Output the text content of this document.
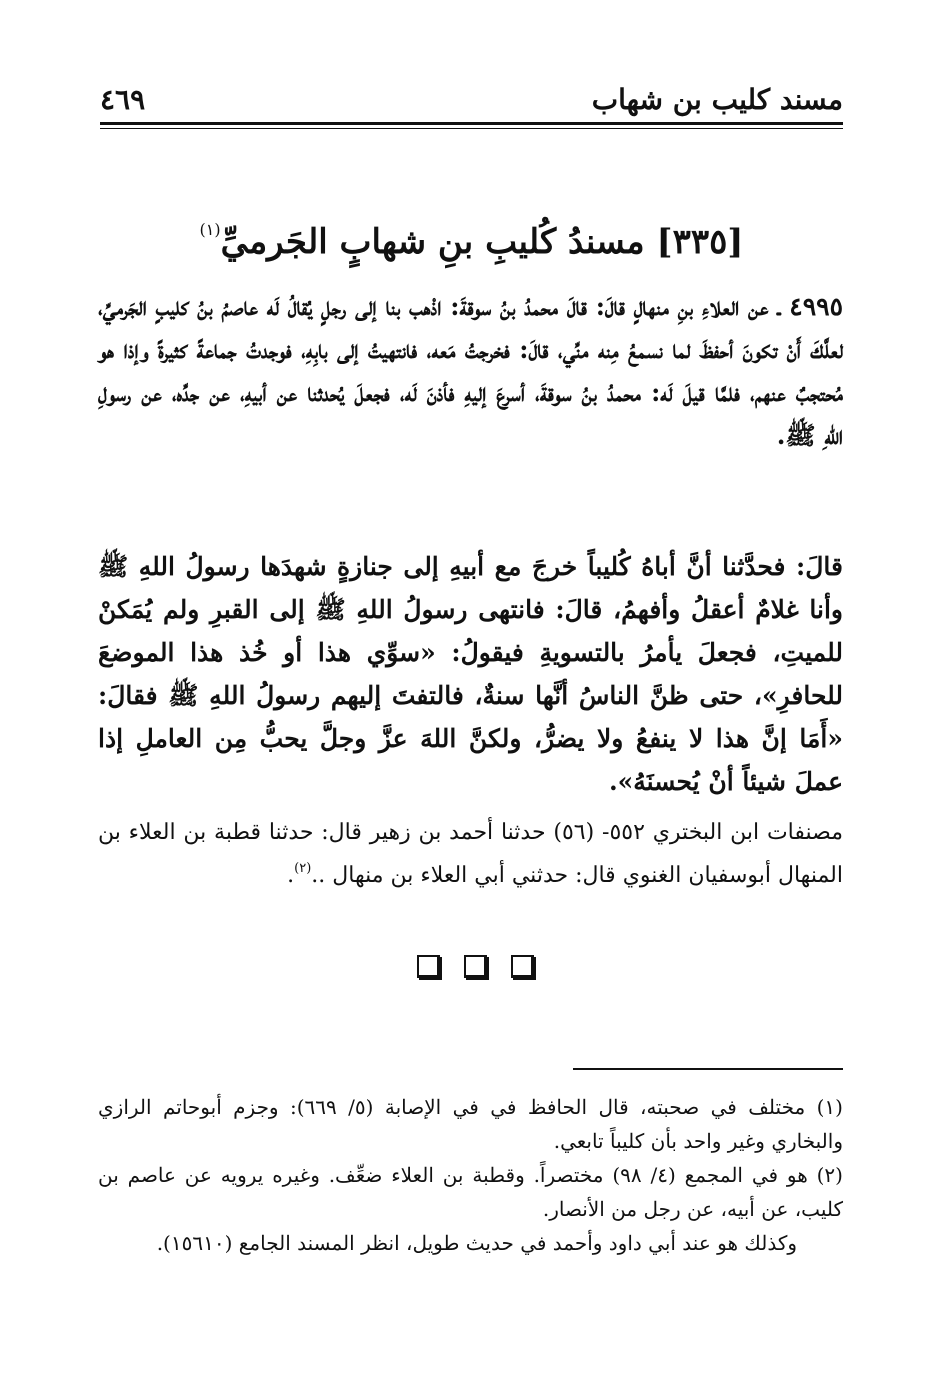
مسند كليب بن شهاب
٤٦٩
[٣٣٥] مسندُ كُليبِ بنِ شهابٍ الجَرميِّ$^{(١)}$
٤٩٩٥ ـ عن العلاءِ بنِ منهالٍ قالَ: قالَ محمدُ بنُ سوقةَ: اذْهب بنا إلى رجلٍ يُقالُ لَه عاصمُ بنُ كليبٍ الجَرميِّ، لعلَّكَ أَنْ تكونَ أحفظَ لما نسمعُ مِنه منِّي، قالَ: فخرجتُ مَعه، فانتهيتُ إلى بابِهِ، فوجدتُ جماعةً كثيرةً وإذا هو مُحتجبٌ عنهم، فلمَّا قيلَ لَه: محمدُ بنُ سوقةَ، أسرعَ إليهِ فأذنَ لَه، فجعلَ يُحدثنا عن أبيهِ، عن جدِّه، عن رسولِ اللهِ ﷺ.
قالَ: فحدَّثنا أنَّ أباهُ كُليباً خرجَ مع أبيهِ إلى جنازةٍ شهدَها رسولُ اللهِ ﷺ وأنا غلامٌ أعقلُ وأفهمُ، قالَ: فانتهى رسولُ اللهِ ﷺ إلى القبرِ ولم يُمَكنْ للميتِ، فجعلَ يأمرُ بالتسويةِ فيقولُ: «سوِّي هذا أو خُذ هذا الموضعَ للحافرِ»، حتى ظنَّ الناسُ أنَّها سنةٌ، فالتفتَ إليهم رسولُ اللهِ ﷺ فقالَ: «أَمَا إنَّ هذا لا ينفعُ ولا يضرُّ، ولكنَّ اللهَ عزَّ وجلَّ يحبُّ مِن العاملِ إذا عملَ شيئاً أنْ يُحسنَهُ».
مصنفات ابن البختري ٥٥٢- (٥٦) حدثنا أحمد بن زهير قال: حدثنا قطبة بن العلاء بن المنهال أبوسفيان الغنوي قال: حدثني أبي العلاء بن منهال ..$^{(٢)}$.
(١) مختلف في صحبته، قال الحافظ في في الإصابة (٥/ ٦٦٩): وجزم أبوحاتم الرازي والبخاري وغير واحد بأن كليباً تابعي.
(٢) هو في المجمع (٤/ ٩٨) مختصراً. وقطبة بن العلاء ضعِّف. وغيره يرويه عن عاصم بن كليب، عن أبيه، عن رجل من الأنصار.
وكذلك هو عند أبي داود وأحمد في حديث طويل، انظر المسند الجامع (١٥٦١٠).
